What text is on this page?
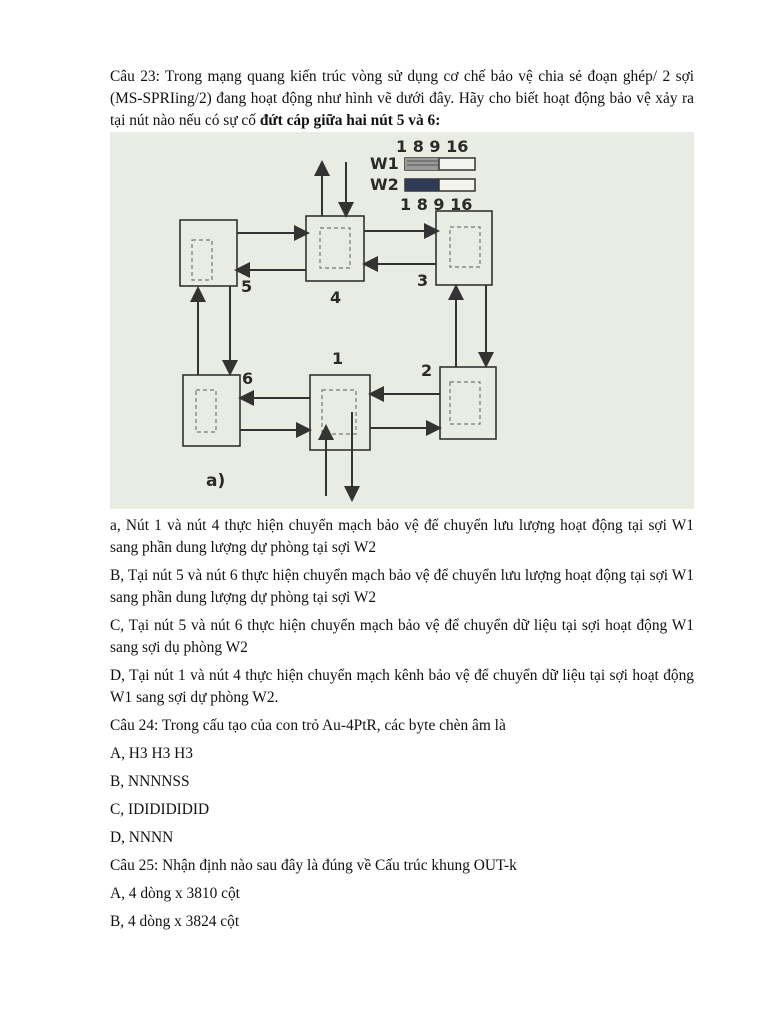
Câu 23: Trong mạng quang kiến trúc vòng sử dụng cơ chế bảo vệ chia sẻ đoạn ghép/ 2 sợi (MS-SPRIing/2) đang hoạt động như hình vẽ dưới đây. Hãy cho biết hoạt động bảo vệ xảy ra tại nút nào nếu có sự cố đứt cáp giữa hai nút 5 và 6:

1 8 9 16
W1
W2
1 8 9 16
5
4
3
2
1
6
a)

a, Nút 1 và nút 4 thực hiện chuyển mạch bảo vệ để chuyển lưu lượng hoạt động tại sợi W1 sang phần dung lượng dự phòng tại sợi W2

B, Tại nút 5 và nút 6 thực hiện chuyển mạch bảo vệ để chuyển lưu lượng hoạt động tại sợi W1 sang phần dung lượng dự phòng tại sợi W2

C, Tại nút 5 và nút 6 thực hiện chuyển mạch bảo vệ để chuyển dữ liệu tại sợi hoạt động W1 sang sợi dụ phòng W2

D, Tại nút 1 và nút 4 thực hiện chuyển mạch kênh bảo vệ để chuyển dữ liệu tại sợi hoạt động W1 sang sợi dự phòng W2.

Câu 24: Trong cấu tạo của con trỏ Au-4PtR, các byte chèn âm là

A, H3 H3 H3

B, NNNNSS

C, IDIDIDIDID

D, NNNN

Câu 25: Nhận định nào sau đây là đúng về Cấu trúc khung OUT-k

A, 4 dòng x 3810 cột

B, 4 dòng x 3824 cột
